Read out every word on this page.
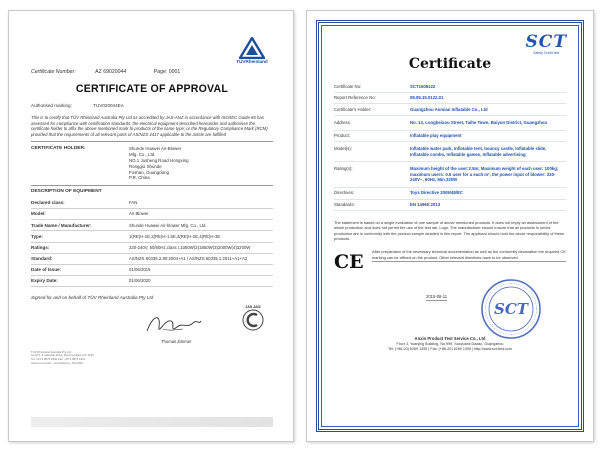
Certificate Number:	AZ 69020044	Page: 0001
TÜVRheinland
CERTIFICATE OF APPROVAL
Authorised marking:	TUV020044EA
This is to certify that TÜV Rheinland Australia Pty Ltd as accredited by JAS-ANZ in accordance with ISO/IEC Guide 65 has assessed for compliance with certification standards, the electrical equipment described hereunder and authorises the certificate holder to affix the above mentioned mark to products of the same type; or the Regulatory Compliance Mark (RCM) provided that the requirements of all relevant parts of AS/NZS 4417 applicable to the article are fulfilled
CERTIFICATE HOLDER:	Shunde Huawei Air-Blower
Mfg. Co., Ltd.
NO.1 Jusheng Road Hongxing
Ronggui Shunde
Foshan, Guangdong
P.R. China
DESCRIPTION OF EQUIPMENT
Declared class:	FAN
Model:	Air Blower
Trade Name / Manufacturer:	Shunde Huawei Air-blower Mfg. Co., Ltd.
Type:	1(RE)H-1E,2(RE)H-1.5E,3(RE)H-2E,4(RE)H-3E
Ratings:	220-240V, 50/60Hz,class I,1050W(2)1850W(3)2000W(4)3200W
Standard:	AS/NZS 60335.2.80:2004+A1 / AS/NZS 60335.1:2011+A1+A2
Date of Issue:	01/06/2015
Expiry Date:	01/06/2020
Signed for and on behalf of TÜV Rheinland Australia Pty Ltd
Thomas Zimmer
JAS-ANZ
TÜV Rheinland Australia Pty Ltd
Level 5, 8 Lakeside Drive, Burwood East VIC 3151
Tel: +61 3 9875 1800 Fax: +61 3 9875 1801
www.tuv.com/au · Accredited by JAS-ANZ
SCT
Safety Credit test
Certificate
Certificate No:	SCT1506122
Report Reference No:	08.05.15.0122.01
Certificate's Holder:	Guangzhou Aomiao Inflatable Co., Ltd
Address	No. 13, Longbeixou Street, Taihe Town, Baiyun District, Guangzhou
Product:	Inflatable play equipment
Model(s):	Inflatable water park, Inflatable tent, bouncy castle, Inflatable slide, Inflatable combo, Inflatable games, Inflatable advertising
Rating(s):	Maximum height of the user:2.5m; Maximum weight of each user: 100kg; maximum users: 0.5 user for a each m², the power input of blower: 220-240V~, 60Hz, Min.320W
Directives:	Toys Directive 2009/48/EC
Standards:	EN 14960:2013
The statement is based on a single evaluation of one sample of above mentioned products. It does not imply an assessment of the whole production and does not permit the use of the test lab. Logo. The manufacturer should ensure that all products in series production are in conformity with the product sample detailed in this report. The applicant should hold the whole responsibility of these products.
CE	After preparation of the necessary technical documentation as well as the conformity declaration the required CE marking can be affixed on the product. Other relevant directives have to be observed
2015-08-11
SCT
Anxin Product Test Service Co., Ltd
Floor 3, Yuanjing Building, No.999, Sanyuanli Dadao, Guangzhou
Tel: (+86-20) 6269 1395 | Fax: (+86-20) 6269 1395 | http://www.sct-test.com
